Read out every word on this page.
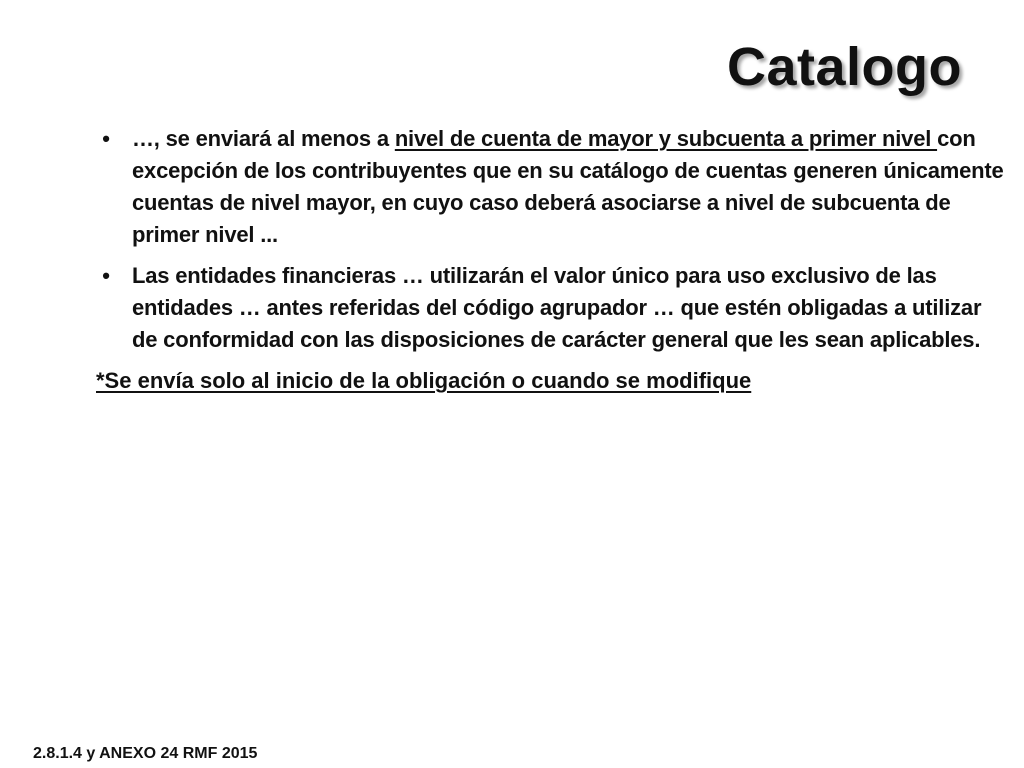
Catalogo
• …, se enviará al menos a nivel de cuenta de mayor y subcuenta a primer nivel con excepción de los contribuyentes que en su catálogo de cuentas generen únicamente cuentas de nivel mayor, en cuyo caso deberá asociarse a nivel de subcuenta de primer nivel ...
• Las entidades financieras … utilizarán el valor único para uso exclusivo de las entidades … antes referidas del código agrupador … que estén obligadas a utilizar de conformidad con las disposiciones de carácter general que les sean aplicables.
*Se envía solo al inicio de la obligación o cuando se modifique
2.8.1.4 y ANEXO 24 RMF 2015
